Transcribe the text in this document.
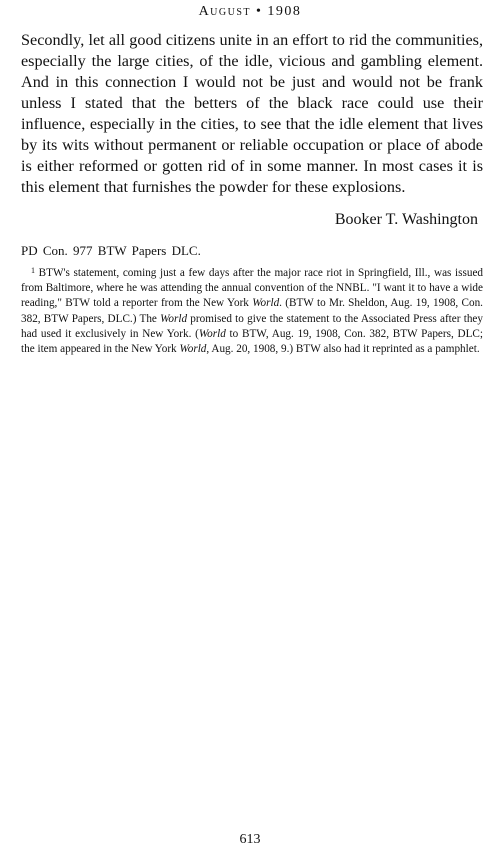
August • 1908

Secondly, let all good citizens unite in an effort to rid the communities, especially the large cities, of the idle, vicious and gambling element. And in this connection I would not be just and would not be frank unless I stated that the betters of the black race could use their influence, especially in the cities, to see that the idle element that lives by its wits without permanent or reliable occupation or place of abode is either reformed or gotten rid of in some manner. In most cases it is this element that furnishes the powder for these explosions.

Booker T. Washington
PD Con. 977 BTW Papers DLC.

$^1$ BTW's statement, coming just a few days after the major race riot in Springfield, Ill., was issued from Baltimore, where he was attending the annual convention of the NNBL. "I want it to have a wide reading," BTW told a reporter from the New York World. (BTW to Mr. Sheldon, Aug. 19, 1908, Con. 382, BTW Papers, DLC.) The World promised to give the statement to the Associated Press after they had used it exclusively in New York. (World to BTW, Aug. 19, 1908, Con. 382, BTW Papers, DLC; the item appeared in the New York World, Aug. 20, 1908, 9.) BTW also had it reprinted as a pamphlet.

613
